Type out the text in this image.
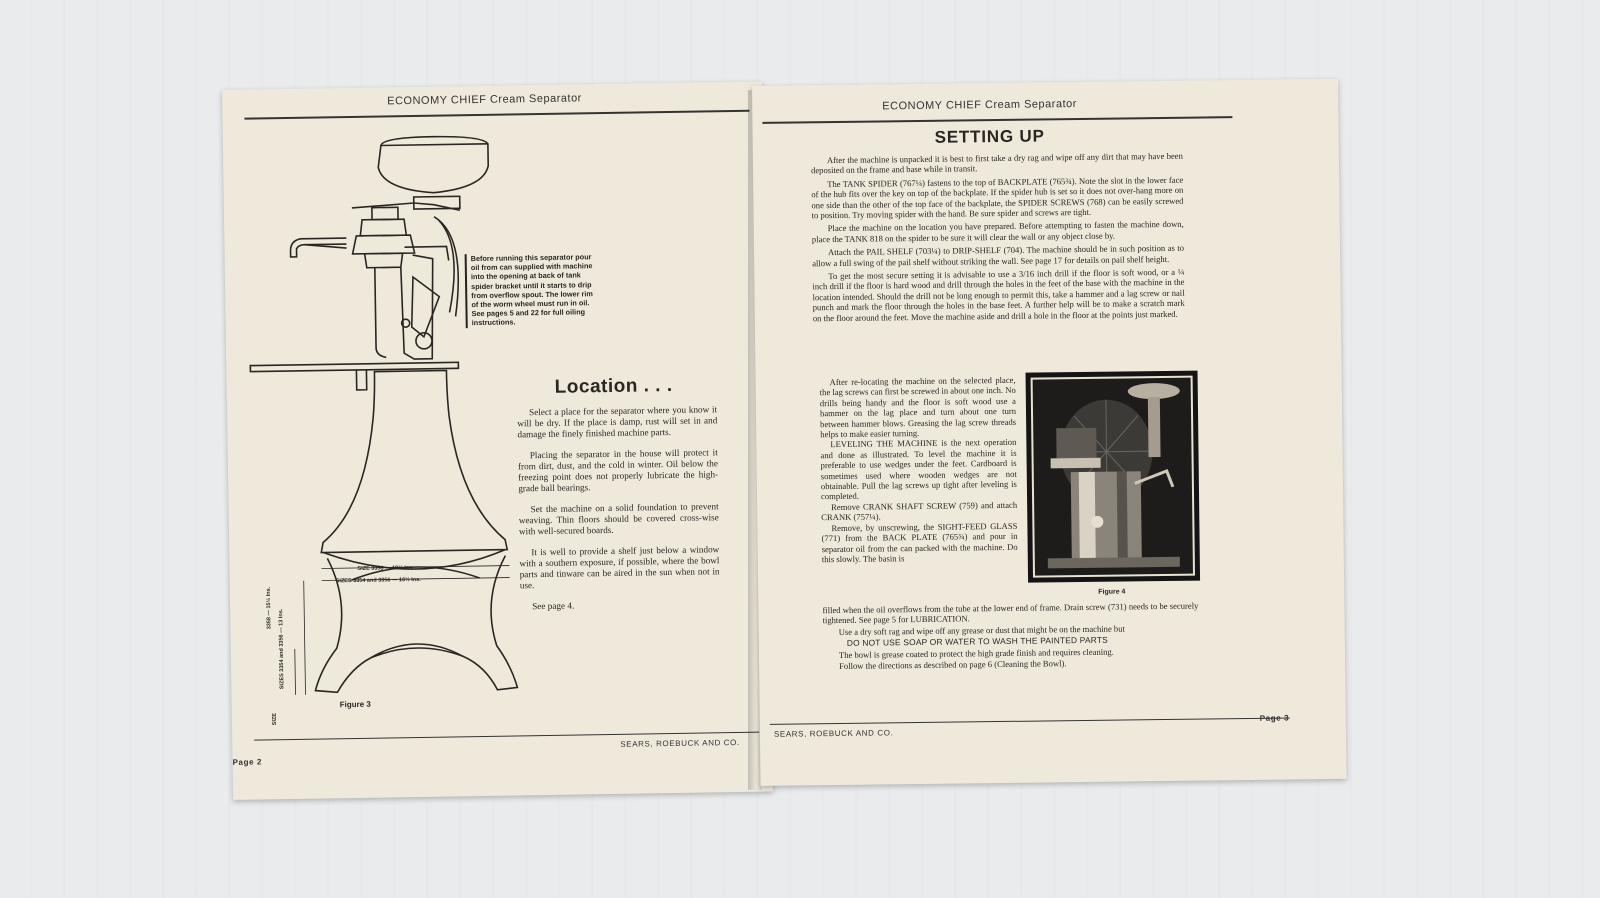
ECONOMY CHIEF Cream Separator
SIZE 3358 — 19½ Ins.
SIZES 3354 and 3356 — 16½ Ins.
3358 — 15½ Ins.
SIZES 3354 and 3356 — 13 Ins.
SIZE
Before running this separator pour oil from can supplied with machine into the opening at back of tank spider bracket until it starts to drip from overflow spout. The lower rim of the worm wheel must run in oil. See pages 5 and 22 for full oiling instructions.
Figure 3
Location . . .

Select a place for the separator where you know it will be dry. If the place is damp, rust will set in and damage the finely finished machine parts.

Placing the separator in the house will protect it from dirt, dust, and the cold in winter. Oil below the freezing point does not properly lubricate the high-grade ball bearings.

Set the machine on a solid foundation to prevent weaving. Thin floors should be covered cross-wise with well-secured boards.

It is well to provide a shelf just below a window with a southern exposure, if possible, where the bowl parts and tinware can be aired in the sun when not in use.

See page 4.

SEARS, ROEBUCK AND CO.
Page 2
ECONOMY CHIEF Cream Separator
SETTING UP

After the machine is unpacked it is best to first take a dry rag and wipe off any dirt that may have been deposited on the frame and base while in transit.

The TANK SPIDER (767¼) fastens to the top of BACKPLATE (765¾). Note the slot in the lower face of the hub fits over the key on top of the backplate. If the spider hub is set so it does not over-hang more on one side than the other of the top face of the backplate, the SPIDER SCREWS (768) can be easily screwed to position. Try moving spider with the hand. Be sure spider and screws are tight.

Place the machine on the location you have prepared. Before attempting to fasten the machine down, place the TANK 818 on the spider to be sure it will clear the wall or any object close by.

Attach the PAIL SHELF (703¼) to DRIP-SHELF (704). The machine should be in such position as to allow a full swing of the pail shelf without striking the wall. See page 17 for details on pail shelf height.

To get the most secure setting it is advisable to use a 3/16 inch drill if the floor is soft wood, or a ¼ inch drill if the floor is hard wood and drill through the holes in the feet of the base with the machine in the location intended. Should the drill not be long enough to permit this, take a hammer and a lag screw or nail punch and mark the floor through the holes in the base feet. A further help will be to make a scratch mark on the floor around the feet. Move the machine aside and drill a hole in the floor at the points just marked.

After re-locating the machine on the selected place, the lag screws can first be screwed in about one inch. No drills being handy and the floor is soft wood use a hammer on the lag place and turn about one turn between hammer blows. Greasing the lag screw threads helps to make easier turning.

LEVELING THE MACHINE is the next operation and done as illustrated. To level the machine it is preferable to use wedges under the feet. Cardboard is sometimes used where wooden wedges are not obtainable. Pull the lag screws up tight after leveling is completed.

Remove CRANK SHAFT SCREW (759) and attach CRANK (757¼).

Remove, by unscrewing, the SIGHT-FEED GLASS (771) from the BACK PLATE (765¾) and pour in separator oil from the can packed with the machine. Do this slowly. The basin is

Figure 4

filled when the oil overflows from the tube at the lower end of frame. Drain screw (731) needs to be securely tightened. See page 5 for LUBRICATION.

Use a dry soft rag and wipe off any grease or dust that might be on the machine but

DO NOT USE SOAP OR WATER TO WASH THE PAINTED PARTS

The bowl is grease coated to protect the high grade finish and requires cleaning.

Follow the directions as described on page 6 (Cleaning the Bowl).

SEARS, ROEBUCK AND CO.
Page 3
